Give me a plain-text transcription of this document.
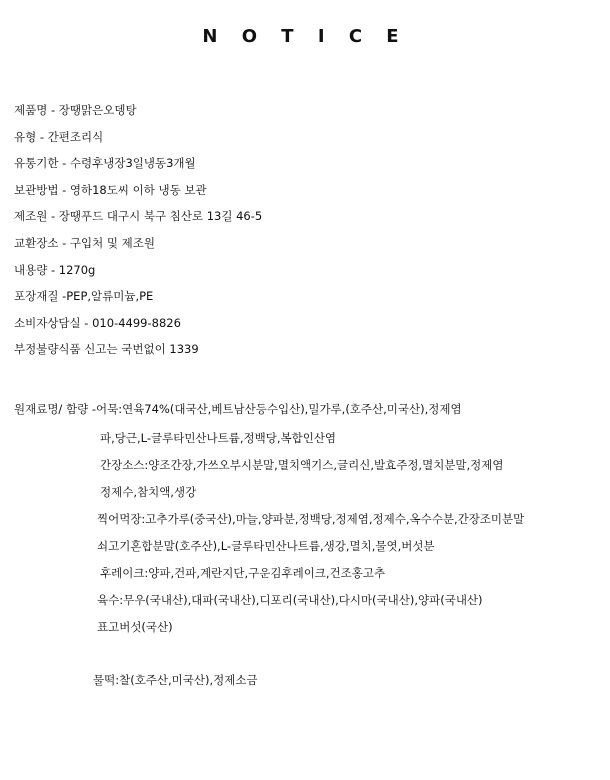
N O T I C E
제품명 - 장땡맑은오뎅탕
유형 - 간편조리식
유통기한 - 수령후냉장3일냉동3개월
보관방법 - 영하18도씨 이하 냉동 보관
제조원 - 장땡푸드 대구시 북구 침산로 13길 46-5
교환장소 - 구입처 및 제조원
내용량 - 1270g
포장재질 -PEP,알류미늄,PE
소비자상담실 - 010-4499-8826
부정불량식품 신고는 국번없이 1339

원재료명/ 함량 -어묵:연육74%(대국산,베트남산등수입산),밀가루,(호주산,미국산),정제염

파,당근,L-글루타민산나트륨,정백당,복합인산염

간장소스:양조간장,가쓰오부시분말,멸치액기스,글리신,발효주정,멸치분말,정제염

정제수,참치액,생강

찍어먹장:고추가루(중국산),마늘,양파분,정백당,정제염,정제수,옥수수분,간장조미분말

쇠고기혼합분말(호주산),L-글루타민산나트륨,생강,멸치,물엿,버섯분

후레이크:양파,건파,계란지단,구운김후레이크,건조홍고추

육수:무우(국내산),대파(국내산),디포리(국내산),다시마(국내산),양파(국내산)

표고버섯(국산)

물떡:찰(호주산,미국산),정제소금
